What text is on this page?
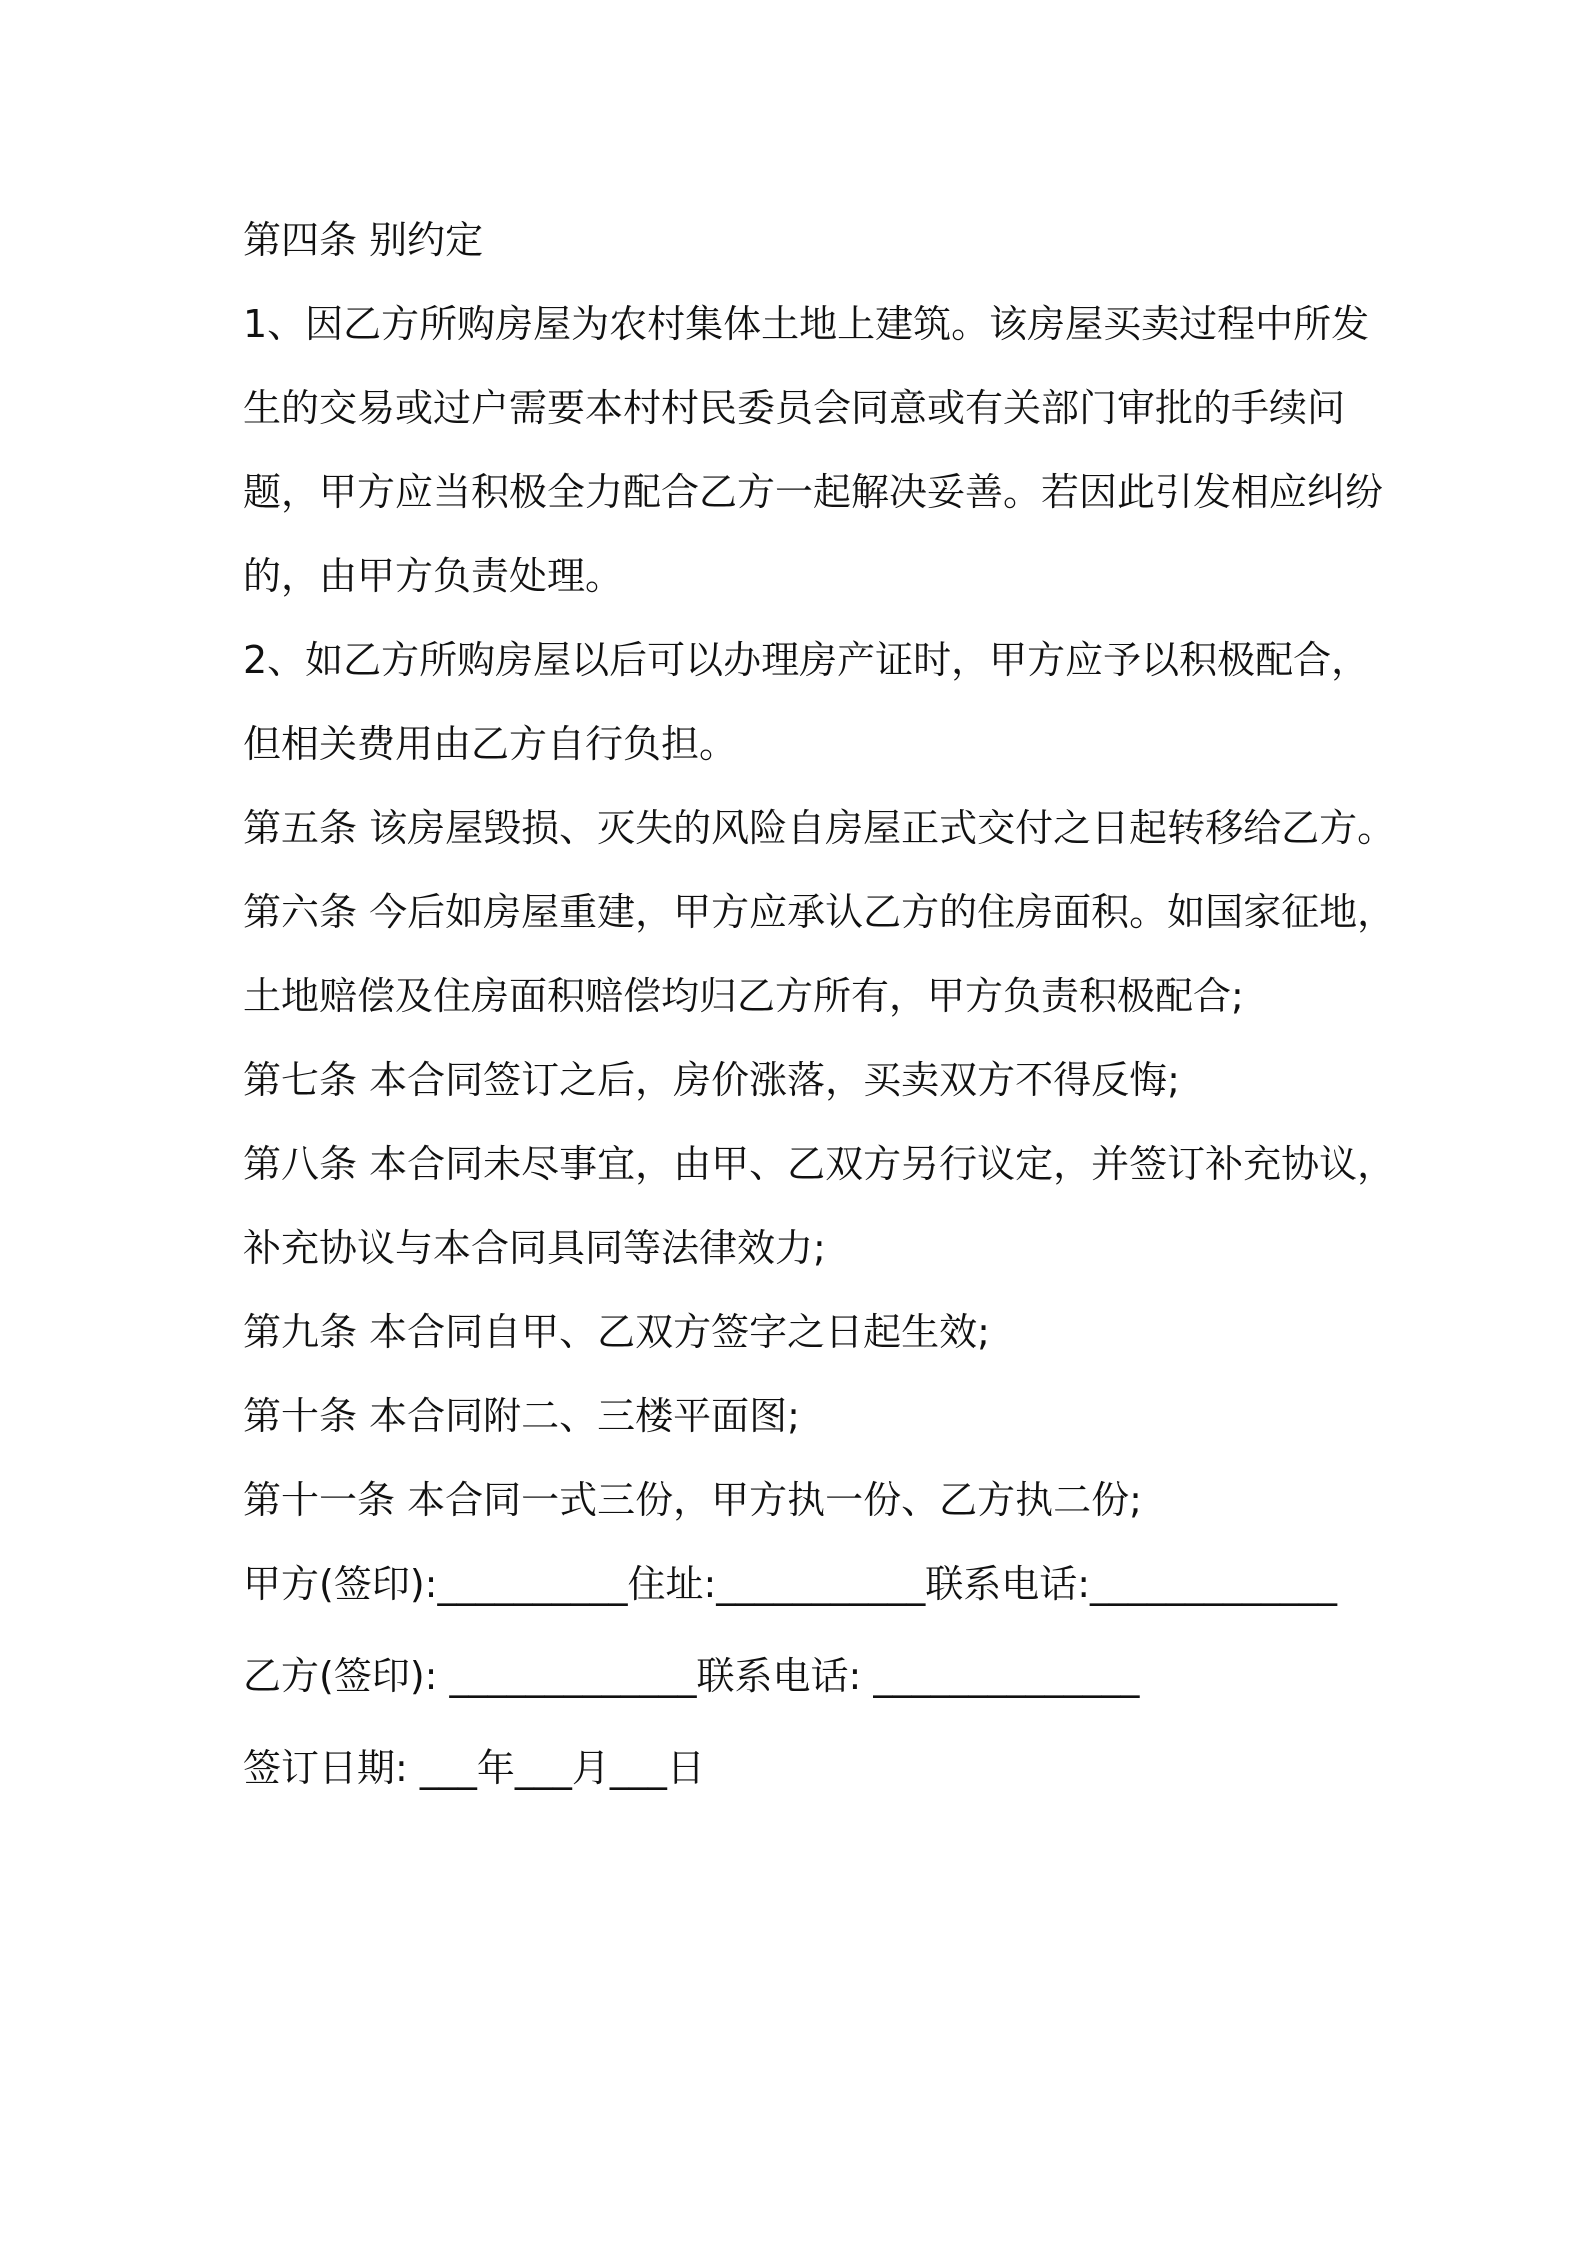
第四条 别约定
1、因乙方所购房屋为农村集体土地上建筑。该房屋买卖过程中所发
生的交易或过户需要本村村民委员会同意或有关部门审批的手续问
题，甲方应当积极全力配合乙方一起解决妥善。若因此引发相应纠纷
的，由甲方负责处理。
2、如乙方所购房屋以后可以办理房产证时，甲方应予以积极配合，
但相关费用由乙方自行负担。
第五条 该房屋毁损、灭失的风险自房屋正式交付之日起转移给乙方。
第六条 今后如房屋重建，甲方应承认乙方的住房面积。如国家征地，
土地赔偿及住房面积赔偿均归乙方所有，甲方负责积极配合;
第七条 本合同签订之后，房价涨落，买卖双方不得反悔;
第八条 本合同未尽事宜，由甲、乙双方另行议定，并签订补充协议，
补充协议与本合同具同等法律效力;
第九条 本合同自甲、乙双方签字之日起生效;
第十条 本合同附二、三楼平面图;
第十一条 本合同一式三份，甲方执一份、乙方执二份;
甲方(签印):__________住址:___________联系电话:_____________
乙方(签印): _____________联系电话: ______________
签订日期: ___年___月___日
